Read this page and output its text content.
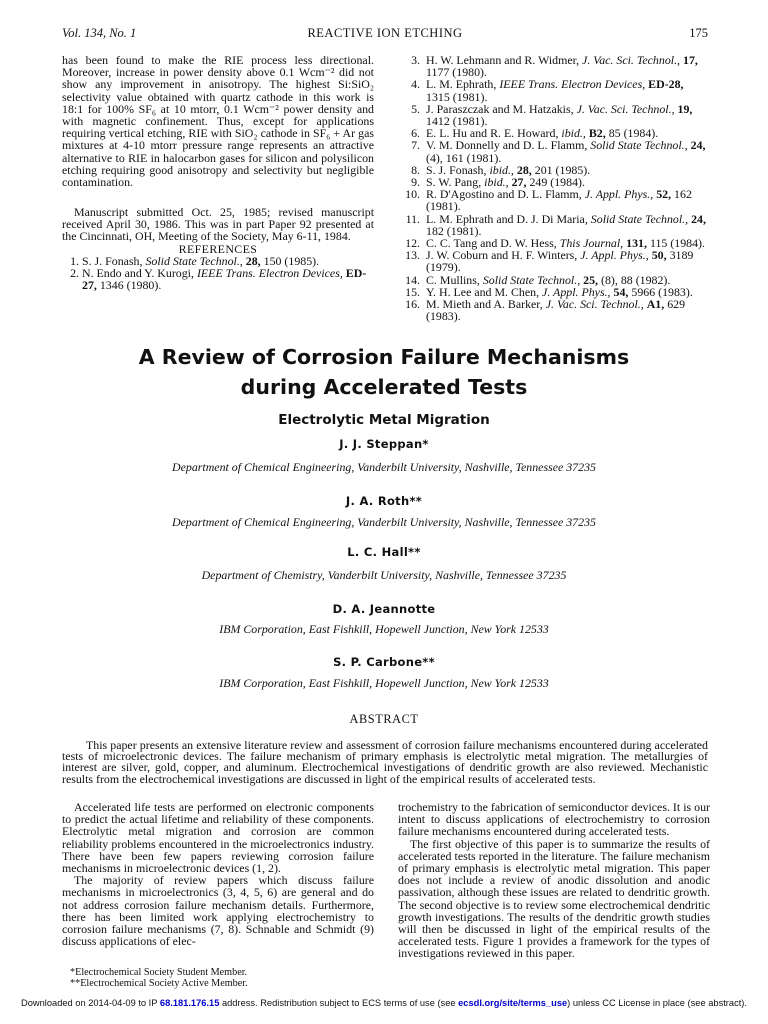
Vol. 134, No. 1	REACTIVE ION ETCHING	175

has been found to make the RIE process less directional. Moreover, increase in power density above 0.1 Wcm⁻² did not show any improvement in anisotropy. The highest Si:SiO₂ selectivity value obtained with quartz cathode in this work is 18:1 for 100% SF₆ at 10 mtorr, 0.1 Wcm⁻² power density and with magnetic confinement. Thus, except for applications requiring vertical etching, RIE with SiO₂ cathode in SF₆ + Ar gas mixtures at 4-10 mtorr pressure range represents an attractive alternative to RIE in halocarbon gases for silicon and polysilicon etching requiring good anisotropy and selectivity but negligible contamination.

Manuscript submitted Oct. 25, 1985; revised manuscript received April 30, 1986. This was in part Paper 92 presented at the Cincinnati, OH, Meeting of the Society, May 6-11, 1984.

REFERENCES

1. S. J. Fonash, Solid State Technol., 28, 150 (1985).

2. N. Endo and Y. Kurogi, IEEE Trans. Electron Devices, ED-27, 1346 (1980).

3. H. W. Lehmann and R. Widmer, J. Vac. Sci. Technol., 17, 1177 (1980).

4. L. M. Ephrath, IEEE Trans. Electron Devices, ED-28, 1315 (1981).

5. J. Paraszczak and M. Hatzakis, J. Vac. Sci. Technol., 19, 1412 (1981).

6. E. L. Hu and R. E. Howard, ibid., B2, 85 (1984).

7. V. M. Donnelly and D. L. Flamm, Solid State Technol., 24, (4), 161 (1981).

8. S. J. Fonash, ibid., 28, 201 (1985).

9. S. W. Pang, ibid., 27, 249 (1984).

10. R. D'Agostino and D. L. Flamm, J. Appl. Phys., 52, 162 (1981).

11. L. M. Ephrath and D. J. Di Maria, Solid State Technol., 24, 182 (1981).

12. C. C. Tang and D. W. Hess, This Journal, 131, 115 (1984).

13. J. W. Coburn and H. F. Winters, J. Appl. Phys., 50, 3189 (1979).

14. C. Mullins, Solid State Technol., 25, (8), 88 (1982).

15. Y. H. Lee and M. Chen, J. Appl. Phys., 54, 5966 (1983).

16. M. Mieth and A. Barker, J. Vac. Sci. Technol., A1, 629 (1983).

A Review of Corrosion Failure Mechanisms
during Accelerated Tests
Electrolytic Metal Migration
J. J. Steppan*
Department of Chemical Engineering, Vanderbilt University, Nashville, Tennessee 37235
J. A. Roth**
Department of Chemical Engineering, Vanderbilt University, Nashville, Tennessee 37235
L. C. Hall**
Department of Chemistry, Vanderbilt University, Nashville, Tennessee 37235
D. A. Jeannotte
IBM Corporation, East Fishkill, Hopewell Junction, New York 12533
S. P. Carbone**
IBM Corporation, East Fishkill, Hopewell Junction, New York 12533
ABSTRACT

This paper presents an extensive literature review and assessment of corrosion failure mechanisms encountered during accelerated tests of microelectronic devices. The failure mechanism of primary emphasis is electrolytic metal migration. The metallurgies of interest are silver, gold, copper, and aluminum. Electrochemical investigations of dendritic growth are also reviewed. Mechanistic results from the electrochemical investigations are discussed in light of the empirical results of accelerated tests.

Accelerated life tests are performed on electronic components to predict the actual lifetime and reliability of these components. Electrolytic metal migration and corrosion are common reliability problems encountered in the microelectronics industry. There have been few papers reviewing corrosion failure mechanisms in microelectronic devices (1, 2).

The majority of review papers which discuss failure mechanisms in microelectronics (3, 4, 5, 6) are general and do not address corrosion failure mechanism details. Furthermore, there has been limited work applying electrochemistry to corrosion failure mechanisms (7, 8). Schnable and Schmidt (9) discuss applications of elec-

trochemistry to the fabrication of semiconductor devices. It is our intent to discuss applications of electrochemistry to corrosion failure mechanisms encountered during accelerated tests.

The first objective of this paper is to summarize the results of accelerated tests reported in the literature. The failure mechanism of primary emphasis is electrolytic metal migration. This paper does not include a review of anodic dissolution and anodic passivation, although these issues are related to dendritic growth. The second objective is to review some electrochemical dendritic growth investigations. The results of the dendritic growth studies will then be discussed in light of the empirical results of the accelerated tests. Figure 1 provides a framework for the types of investigations reviewed in this paper.

*Electrochemical Society Student Member.

**Electrochemical Society Active Member.

Downloaded on 2014-04-09 to IP 68.181.176.15 address. Redistribution subject to ECS terms of use (see ecsdl.org/site/terms_use) unless CC License in place (see abstract).
